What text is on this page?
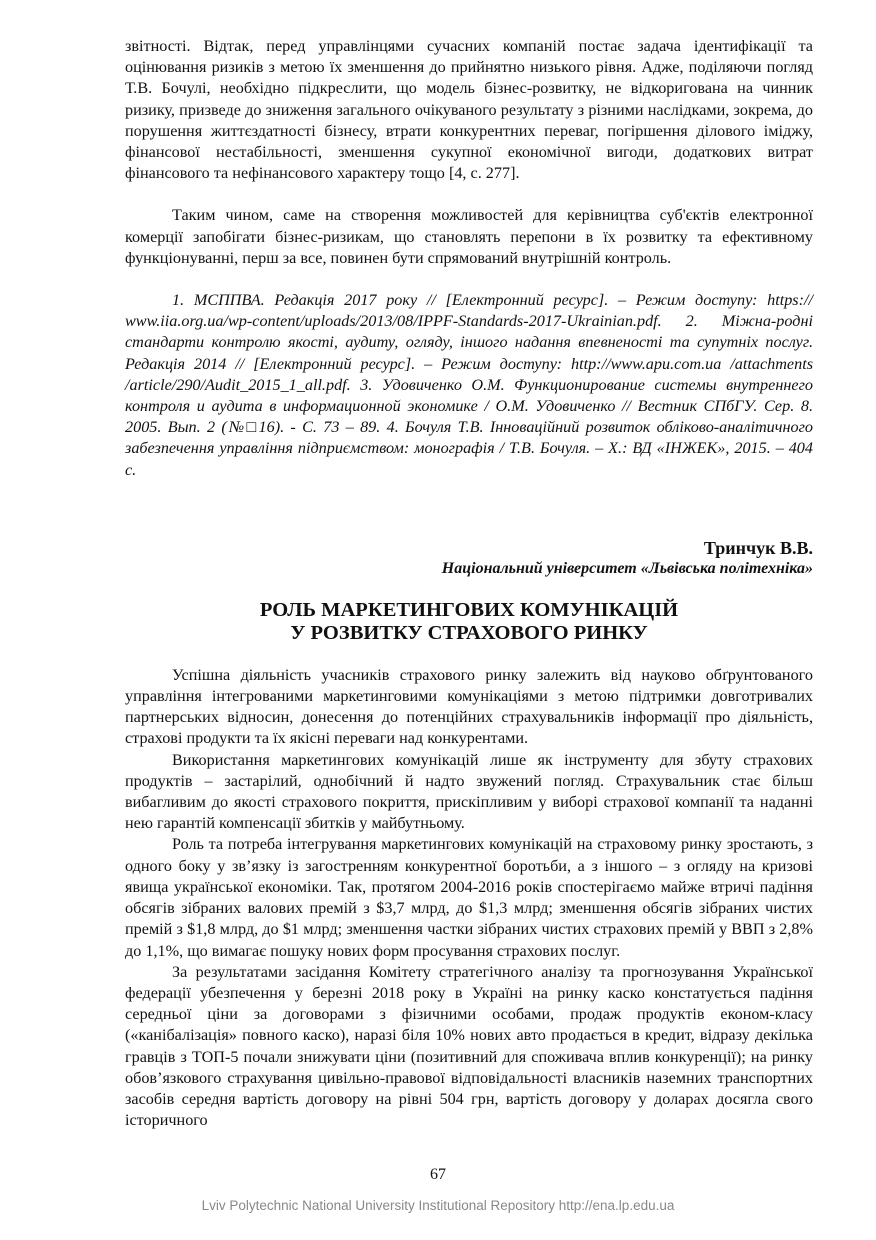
звітності. Відтак, перед управлінцями сучасних компаній постає задача ідентифікації та оцінювання ризиків з метою їх зменшення до прийнятно низького рівня. Адже, поділяючи погляд Т.В. Бочулі, необхідно підкреслити, що модель бізнес-розвитку, не відкоригована на чинник ризику, призведе до зниження загального очікуваного результату з різними наслідками, зокрема, до порушення життєздатності бізнесу, втрати конкурентних переваг, погіршення ділового іміджу, фінансової нестабільності, зменшення сукупної економічної вигоди, додаткових витрат фінансового та нефінансового характеру тощо [4, с. 277].

Таким чином, саме на створення можливостей для керівництва суб'єктів електронної комерції запобігати бізнес-ризикам, що становлять перепони в їх розвитку та ефективному функціонуванні, перш за все, повинен бути спрямований внутрішній контроль.

1. МСППВА. Редакція 2017 року // [Електронний ресурс]. – Режим доступу: https:// www.iia.org.ua/wp-content/uploads/2013/08/IPPF-Standards-2017-Ukrainian.pdf. 2. Міжна-родні стандарти контролю якості, аудиту, огляду, іншого надання впевненості та супутніх послуг. Редакція 2014 // [Електронний ресурс]. – Режим доступу: http://www.apu.com.ua /attachments /article/290/Audit_2015_1_all.pdf. 3. Удовиченко О.М. Функционирование системы внутреннего контроля и аудита в информационной экономике / О.М. Удовиченко // Вестник СПбГУ. Сер. 8. 2005. Вып. 2 (№□16). - С. 73 – 89. 4. Бочуля Т.В. Інноваційний розвиток обліково-аналітичного забезпечення управління підприємством: монографія / Т.В. Бочуля. – Х.: ВД «ІНЖЕК», 2015. – 404 с.

Тринчук В.В.
Національний університет «Львівська політехніка»
РОЛЬ МАРКЕТИНГОВИХ КОМУНІКАЦІЙ
У РОЗВИТКУ СТРАХОВОГО РИНКУ

Успішна діяльність учасників страхового ринку залежить від науково обґрунтованого управління інтегрованими маркетинговими комунікаціями з метою підтримки довготривалих партнерських відносин, донесення до потенційних страхувальників інформації про діяльність, страхові продукти та їх якісні переваги над конкурентами.

Використання маркетингових комунікацій лише як інструменту для збуту страхових продуктів – застарілий, однобічний й надто звужений погляд. Страхувальник стає більш вибагливим до якості страхового покриття, прискіпливим у виборі страхової компанії та наданні нею гарантій компенсації збитків у майбутньому.

Роль та потреба інтегрування маркетингових комунікацій на страховому ринку зростають, з одного боку у зв’язку із загостренням конкурентної боротьби, а з іншого – з огляду на кризові явища української економіки. Так, протягом 2004-2016 років спостерігаємо майже втричі падіння обсягів зібраних валових премій з $3,7 млрд, до $1,3 млрд; зменшення обсягів зібраних чистих премій з $1,8 млрд, до $1 млрд; зменшення частки зібраних чистих страхових премій у ВВП з 2,8% до 1,1%, що вимагає пошуку нових форм просування страхових послуг.

За результатами засідання Комітету стратегічного аналізу та прогнозування Української федерації убезпечення у березні 2018 року в Україні на ринку каско констатується падіння середньої ціни за договорами з фізичними особами, продаж продуктів економ-класу («канібалізація» повного каско), наразі біля 10% нових авто продається в кредит, відразу декілька гравців з ТОП-5 почали знижувати ціни (позитивний для споживача вплив конкуренції); на ринку обов’язкового страхування цивільно-правової відповідальності власників наземних транспортних засобів середня вартість договору на рівні 504 грн, вартість договору у доларах досягла свого історичного

67
Lviv Polytechnic National University Institutional Repository http://ena.lp.edu.ua
